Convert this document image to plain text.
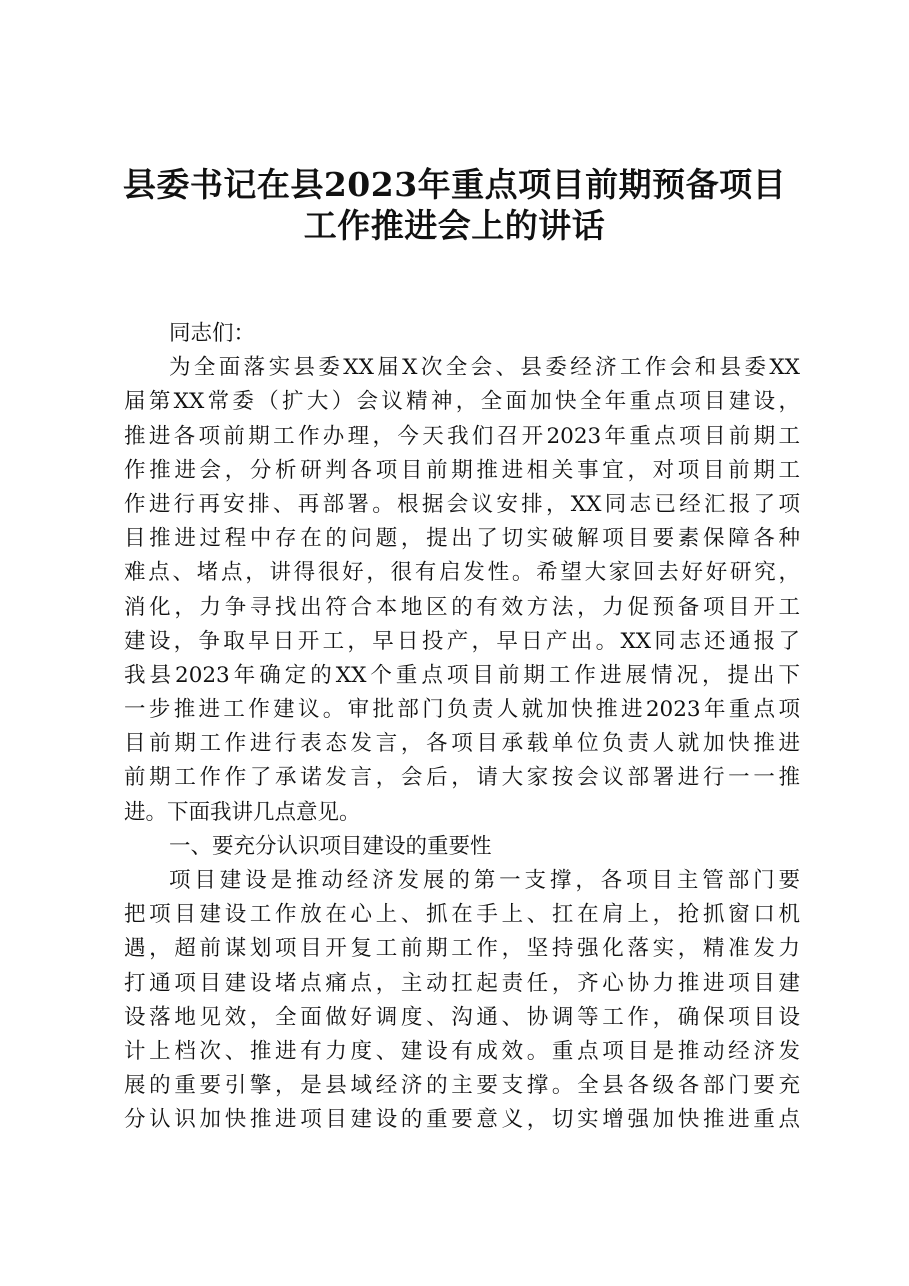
县委书记在县2023年重点项目前期预备项目
工作推进会上的讲话
同志们：
为全面落实县委XX届X次全会、县委经济工作会和县委XX
届第XX常委（扩大）会议精神，全面加快全年重点项目建设，
推进各项前期工作办理，今天我们召开2023年重点项目前期工
作推进会，分析研判各项目前期推进相关事宜，对项目前期工
作进行再安排、再部署。根据会议安排，XX同志已经汇报了项
目推进过程中存在的问题，提出了切实破解项目要素保障各种
难点、堵点，讲得很好，很有启发性。希望大家回去好好研究，
消化，力争寻找出符合本地区的有效方法，力促预备项目开工
建设，争取早日开工，早日投产，早日产出。XX同志还通报了
我县2023年确定的XX个重点项目前期工作进展情况，提出下
一步推进工作建议。审批部门负责人就加快推进2023年重点项
目前期工作进行表态发言，各项目承载单位负责人就加快推进
前期工作作了承诺发言，会后，请大家按会议部署进行一一推
进。下面我讲几点意见。
一、要充分认识项目建设的重要性
项目建设是推动经济发展的第一支撑，各项目主管部门要
把项目建设工作放在心上、抓在手上、扛在肩上，抢抓窗口机
遇，超前谋划项目开复工前期工作，坚持强化落实，精准发力
打通项目建设堵点痛点，主动扛起责任，齐心协力推进项目建
设落地见效，全面做好调度、沟通、协调等工作，确保项目设
计上档次、推进有力度、建设有成效。重点项目是推动经济发
展的重要引擎，是县域经济的主要支撑。全县各级各部门要充
分认识加快推进项目建设的重要意义，切实增强加快推进重点
